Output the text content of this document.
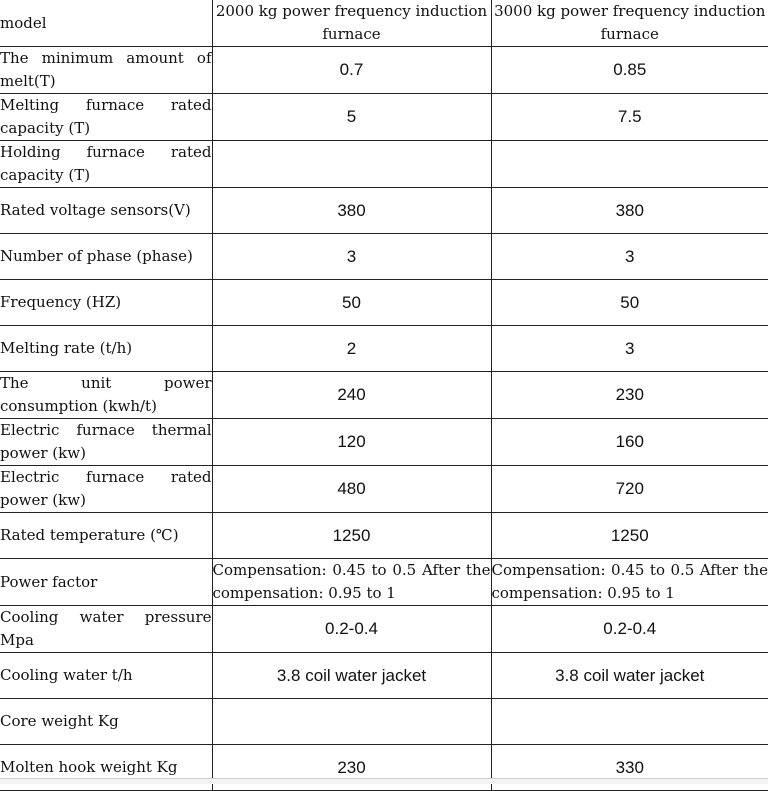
model	2000 kg power frequency induction furnace	3000 kg power frequency induction furnace
The minimum amount of melt(T)	0.7	0.85
Melting furnace rated capacity (T)	5	7.5
Holding furnace rated capacity (T)		
Rated voltage sensors(V)	380	380
Number of phase (phase)	3	3
Frequency (HZ)	50	50
Melting rate (t/h)	2	3
The unit power consumption (kwh/t)	240	230
Electric furnace thermal power (kw)	120	160
Electric furnace rated power (kw)	480	720
Rated temperature (℃)	1250	1250
Power factor	Compensation: 0.45 to 0.5 After the compensation: 0.95 to 1	Compensation: 0.45 to 0.5 After the compensation: 0.95 to 1
Cooling water pressure Mpa	0.2-0.4	0.2-0.4
Cooling water t/h	3.8 coil water jacket	3.8 coil water jacket
Core weight Kg		
Molten hook weight Kg	230	330
